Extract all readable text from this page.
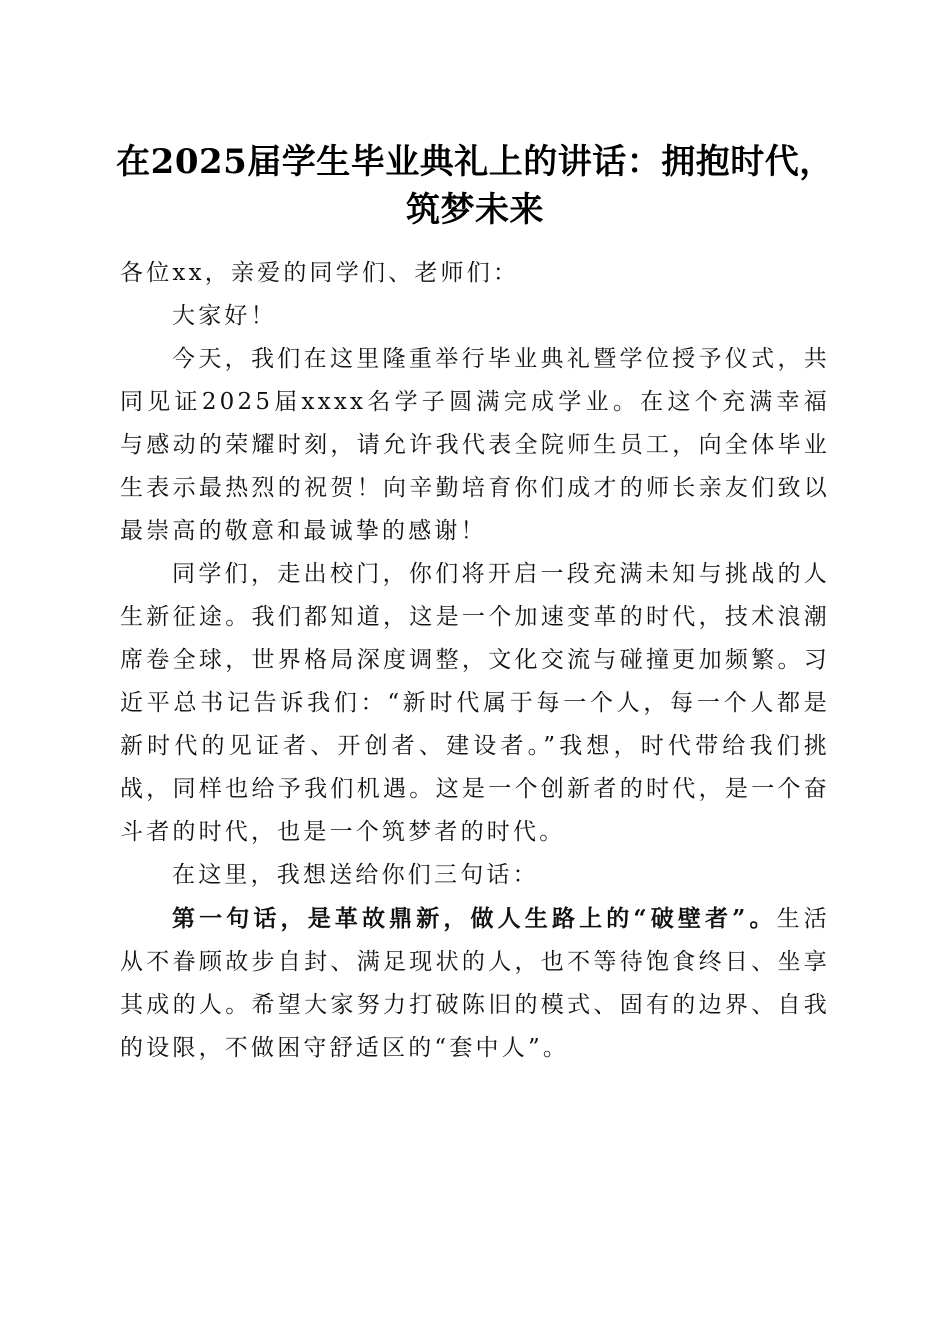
在2025届学生毕业典礼上的讲话：拥抱时代，
筑梦未来

各位xx，亲爱的同学们、老师们：

大家好！

今天，我们在这里隆重举行毕业典礼暨学位授予仪式，共同见证2025届xxxx名学子圆满完成学业。在这个充满幸福与感动的荣耀时刻，请允许我代表全院师生员工，向全体毕业生表示最热烈的祝贺！向辛勤培育你们成才的师长亲友们致以最崇高的敬意和最诚挚的感谢！

同学们，走出校门，你们将开启一段充满未知与挑战的人生新征途。我们都知道，这是一个加速变革的时代，技术浪潮席卷全球，世界格局深度调整，文化交流与碰撞更加频繁。习近平总书记告诉我们：“新时代属于每一个人，每一个人都是新时代的见证者、开创者、建设者。”我想，时代带给我们挑战，同样也给予我们机遇。这是一个创新者的时代，是一个奋斗者的时代，也是一个筑梦者的时代。

在这里，我想送给你们三句话：

第一句话，是革故鼎新，做人生路上的“破壁者”。生活从不眷顾故步自封、满足现状的人，也不等待饱食终日、坐享其成的人。希望大家努力打破陈旧的模式、固有的边界、自我的设限，不做困守舒适区的“套中人”。
